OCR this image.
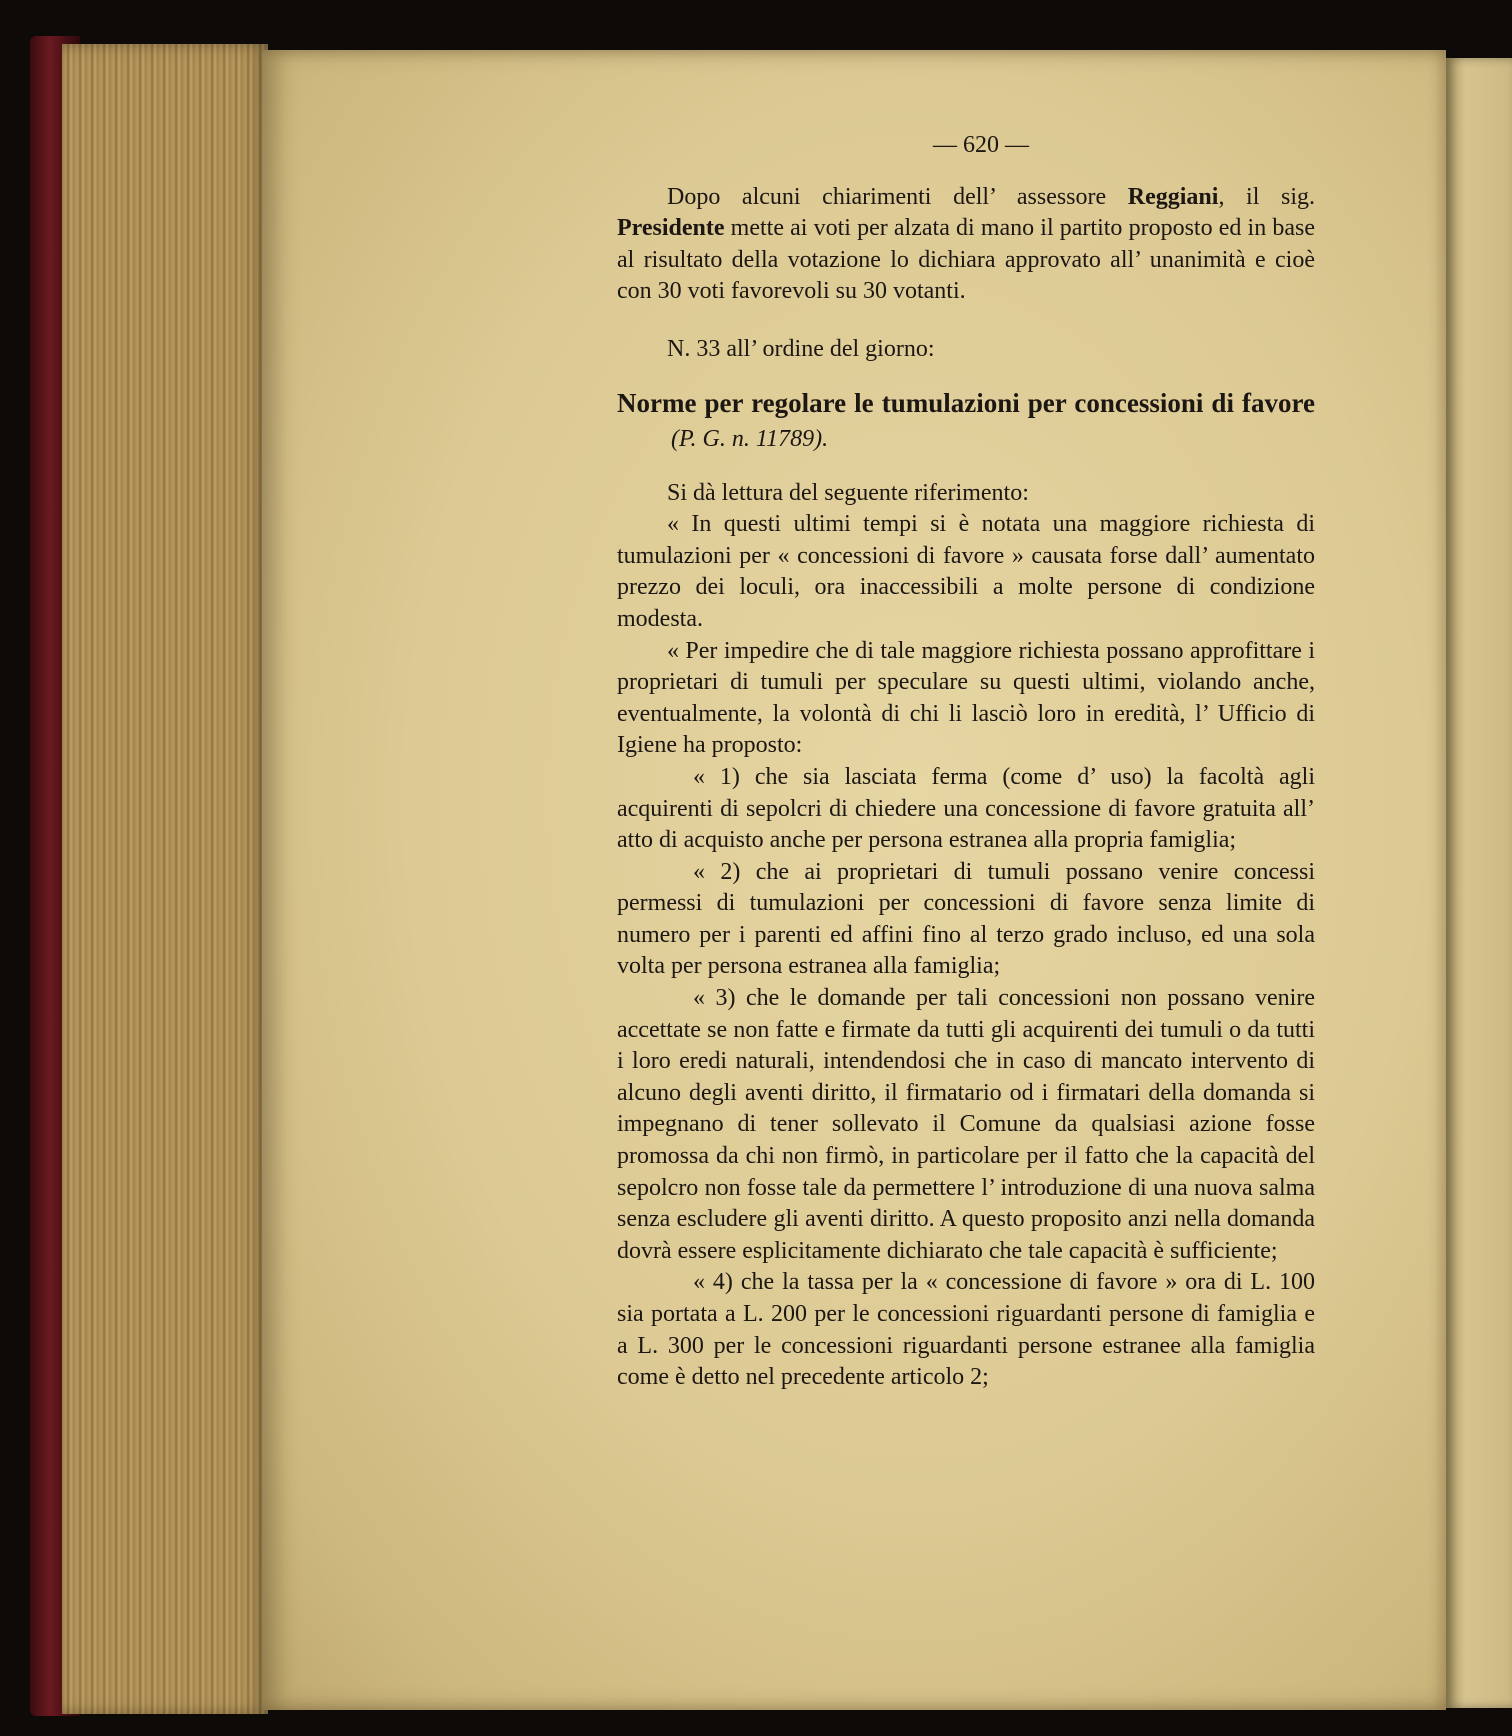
— 620 —

Dopo alcuni chiarimenti dell’ assessore Reggiani, il sig. Presidente mette ai voti per alzata di mano il partito proposto ed in base al risultato della votazione lo dichiara approvato all’ unanimità e cioè con 30 voti favorevoli su 30 votanti.

N. 33 all’ ordine del giorno:

Norme per regolare le tumulazioni per concessioni di favore (P. G. n. 11789).

Si dà lettura del seguente riferimento:

« In questi ultimi tempi si è notata una maggiore richiesta di tumulazioni per « concessioni di favore » causata forse dall’ aumentato prezzo dei loculi, ora inaccessibili a molte persone di condizione modesta.

« Per impedire che di tale maggiore richiesta possano approfittare i proprietari di tumuli per speculare su questi ultimi, violando anche, eventualmente, la volontà di chi li lasciò loro in eredità, l’ Ufficio di Igiene ha proposto:

« 1) che sia lasciata ferma (come d’ uso) la facoltà agli acquirenti di sepolcri di chiedere una concessione di favore gratuita all’ atto di acquisto anche per persona estranea alla propria famiglia;

« 2) che ai proprietari di tumuli possano venire concessi permessi di tumulazioni per concessioni di favore senza limite di numero per i parenti ed affini fino al terzo grado incluso, ed una sola volta per persona estranea alla famiglia;

« 3) che le domande per tali concessioni non possano venire accettate se non fatte e firmate da tutti gli acquirenti dei tumuli o da tutti i loro eredi naturali, intendendosi che in caso di mancato intervento di alcuno degli aventi diritto, il firmatario od i firmatari della domanda si impegnano di tener sollevato il Comune da qualsiasi azione fosse promossa da chi non firmò, in particolare per il fatto che la capacità del sepolcro non fosse tale da permettere l’ introduzione di una nuova salma senza escludere gli aventi diritto. A questo proposito anzi nella domanda dovrà essere esplicitamente dichiarato che tale capacità è sufficiente;

« 4) che la tassa per la « concessione di favore » ora di L. 100 sia portata a L. 200 per le concessioni riguardanti persone di famiglia e a L. 300 per le concessioni riguardanti persone estranee alla famiglia come è detto nel precedente articolo 2;
